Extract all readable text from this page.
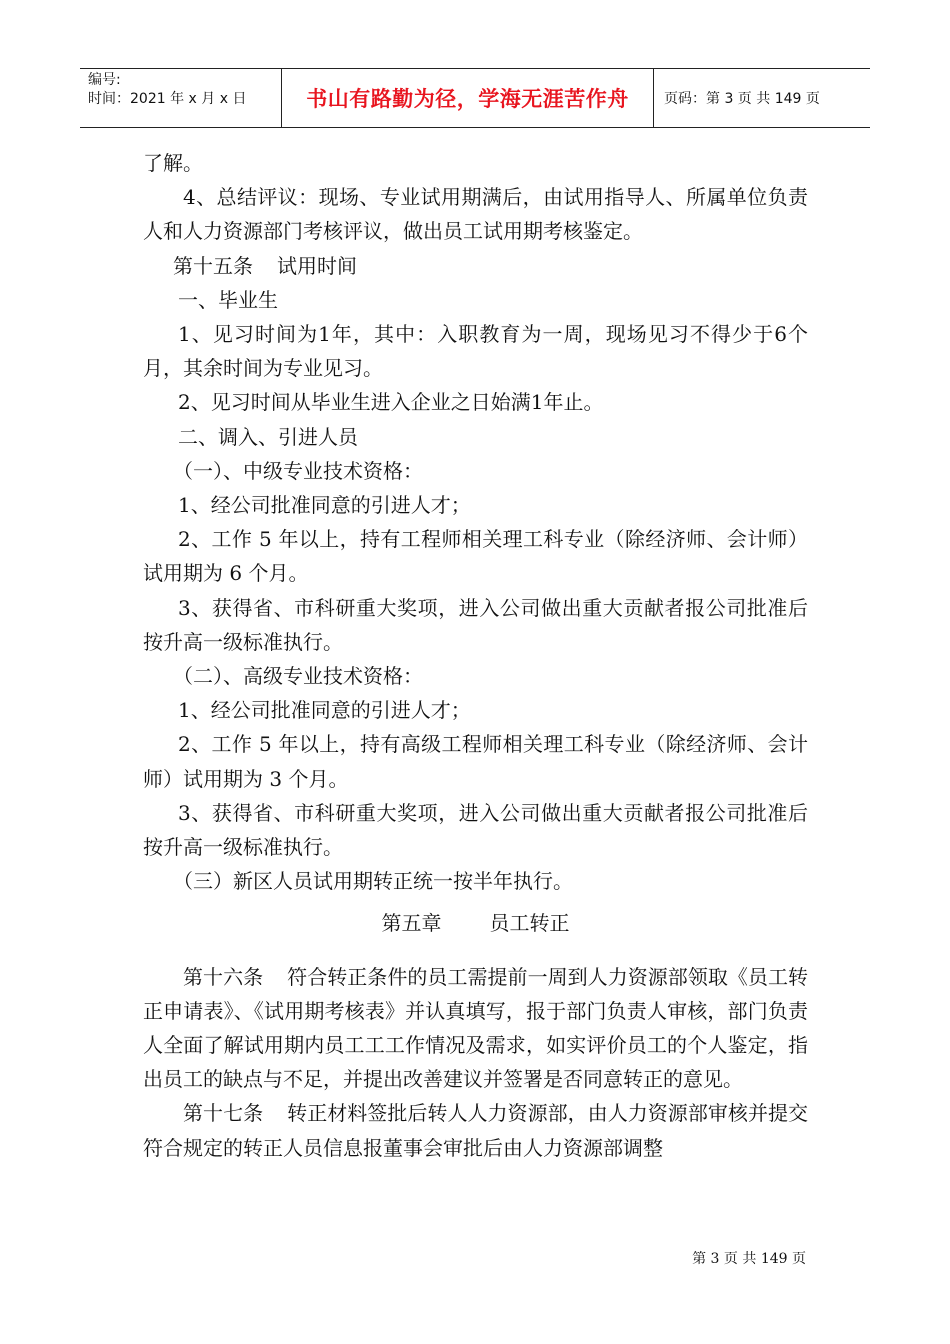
编号:
时间：2021 年 x 月 x 日	书山有路勤为径，学海无涯苦作舟	页码：第 3 页 共 149 页

了解。

4、总结评议：现场、专业试用期满后，由试用指导人、所属单位负责人和人力资源部门考核评议，做出员工试用期考核鉴定。

第十五条 试用时间

一、毕业生

1、见习时间为1年，其中：入职教育为一周，现场见习不得少于6个月，其余时间为专业见习。

2、见习时间从毕业生进入企业之日始满1年止。

二、调入、引进人员

（一）、中级专业技术资格：

1、经公司批准同意的引进人才；

2、工作 5 年以上，持有工程师相关理工科专业（除经济师、会计师）试用期为 6 个月。

3、获得省、市科研重大奖项，进入公司做出重大贡献者报公司批准后按升高一级标准执行。

（二）、高级专业技术资格：

1、经公司批准同意的引进人才；

2、工作 5 年以上，持有高级工程师相关理工科专业（除经济师、会计师）试用期为 3 个月。

3、获得省、市科研重大奖项，进入公司做出重大贡献者报公司批准后按升高一级标准执行。

（三）新区人员试用期转正统一按半年执行。

第五章 员工转正

第十六条 符合转正条件的员工需提前一周到人力资源部领取《员工转正申请表》、《试用期考核表》并认真填写，报于部门负责人审核，部门负责人全面了解试用期内员工工工作情况及需求，如实评价员工的个人鉴定，指出员工的缺点与不足，并提出改善建议并签署是否同意转正的意见。

第十七条 转正材料签批后转人人力资源部，由人力资源部审核并提交符合规定的转正人员信息报董事会审批后由人力资源部调整

第 3 页 共 149 页
